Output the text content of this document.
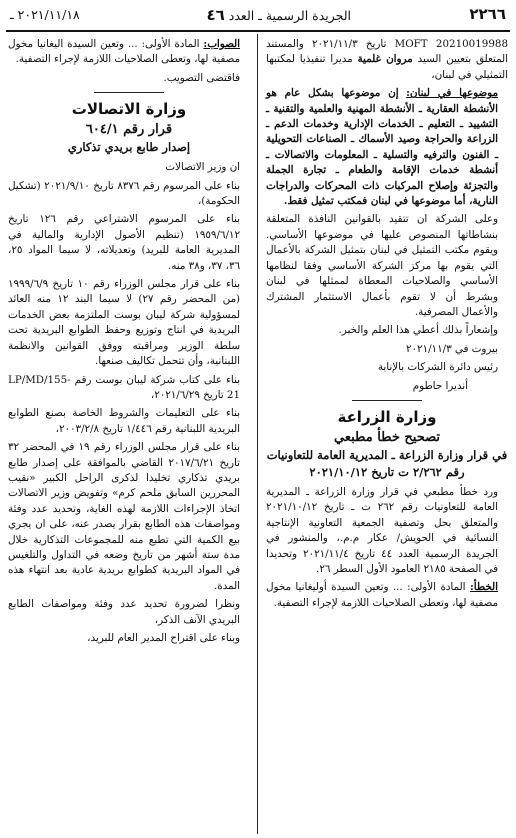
٢٢٦٦
الجريدة الرسمية ـ العدد ٤٦
٢٠٢١/١١/١٨ ـ

MOFT 20210019988 تاريخ ٢٠٢١/١١/٣ والمستند المتعلق بتعيين السيد مروان غلمية مديرا تنفيذيا لمكتبها التمثيلي في لبنان،

موضوعها في لبنان: إن موضوعها بشكل عام هو الأنشطة العقارية ـ الأنشطة المهنية والعلمية والتقنية ـ التشييد ـ التعليم ـ الخدمات الإدارية وخدمات الدعم ـ الزراعة والحراجة وصيد الأسماك ـ الصناعات التحويلية ـ الفنون والترفيه والتسلية ـ المعلومات والاتصالات ـ أنشطة خدمات الإقامة والطعام ـ تجارة الجملة والتجزئة وإصلاح المركبات ذات المحركات والدراجات النارية، أما موضوعها في لبنان فمكتب تمثيل فقط.

وعلى الشركة ان تتقيد بالقوانين النافذة المتعلقة بنشاطاتها المنصوص عليها في موضوعها الأساسي. ويقوم مكتب التمثيل في لبنان بتمثيل الشركة بالأعمال التي يقوم بها مركز الشركة الأساسي وفقا لنظامها الأساسي والصلاحيات المعطاة لممثلها في لبنان وبشرط أن لا تقوم بأعمال الاستثمار المشترك والأعمال المصرفية.

وإشعاراً بذلك أعطي هذا العلم والخبر.

بيروت في ٢٠٢١/١١/٣

رئيس دائرة الشركات بالإنابة

أنديرا حاطوم

وزارة الزراعة
تصحيح خطأ مطبعي
في قرار وزارة الزراعة ـ المديرية العامة للتعاونيات رقم ٢/٢٦٢ ت تاريخ ٢٠٢١/١٠/١٢

ورد خطأ مطبعي في قرار وزارة الزراعة ـ المديرية العامة للتعاونيات رقم ٢٦٢ ت ـ تاريخ ٢٠٢١/١٠/١٢ والمتعلق بحل وتصفية الجمعية التعاونية الإنتاجية النسائية في الحويش/ عكار م.م.، والمنشور في الجريدة الرسمية العدد ٤٤ تاريخ ٢٠٢١/١١/٤ وتحديدا في الصفحة ٢١٨٥ العامود الأول السطر ٢٦.

الخطأ: المادة الأولى: ... وتعين السيدة أوليغانيا مخول مصفية لها، وتعطى الصلاحيات اللازمة لإجراء التصفية.

الصواب: المادة الأولى: ... وتعين السيدة اليغانيا مخول مصفية لها، وتعطى الصلاحيات اللازمة لإجراء التصفية.

فاقتضى التصويب.

وزارة الاتصالات
قرار رقم ٦٠٤/١
إصدار طابع بريدي تذكاري

ان وزير الاتصالات

بناء على المرسوم رقم ٨٣٧٦ تاريخ ٢٠٢١/٩/١٠ (تشكيل الحكومة)،

بناء على المرسوم الاشتراعي رقم ١٢٦ تاريخ ١٩٥٩/٦/١٢ (تنظيم الأصول الإدارية والمالية في المديرية العامة للبريد) وتعديلاته، لا سيما المواد ٢٥، ٣٦، ٣٧، و٣٨ منه.

بناء على قرار مجلس الوزراء رقم ١٠ تاريخ ١٩٩٩/٦/٩ (من المحضر رقم ٢٧) لا سيما البند ١٢ منه العائد لمسؤولية شركة ليبان بوست الملتزمة بعض الخدمات البريدية في انتاج وتوزيع وحفظ الطوابع البريدية تحت سلطة الوزير ومراقبته ووفق القوانين والانظمة اللبنانية، وأن تتحمل تكاليف صنعها.

بناء على كتاب شركة ليبان بوست رقم LP/MD/155-21 تاريخ ٢٠٢١/٦/٢٩،

بناء على التعليمات والشروط الخاصة بصنع الطوابع البريدية اللبنانية رقم ١/٤٤٦ تاريخ ٢٠٠٣/٢/٨،

بناء على قرار مجلس الوزراء رقم ١٩ في المحضر ٣٢ تاريخ ٢٠١٧/٦/٢١ القاضي بالموافقة على إصدار طابع بريدي تذكاري تخليدا لذكرى الراحل الكبير «نقيب المحررين السابق ملحم كرم» وتفويض وزير الاتصالات اتخاذ الإجراءات اللازمة لهذه الغاية، وتحديد عدد وفئة ومواصفات هذه الطابع بقرار يصدر عنه، على ان يجري بيع الكمية التي تطبع منه للمجموعات التذكارية خلال مدة ستة أشهر من تاريخ وضعه في التداول والتلغيس في المواد البريدية كطوابع بريدية عادية بعد انتهاء هذه المدة.

ونظرا لضرورة تحديد عدد وفئة ومواصفات الطابع البريدي الآنف الذكر،

وبناء على اقتراح المدير العام للبريد،
